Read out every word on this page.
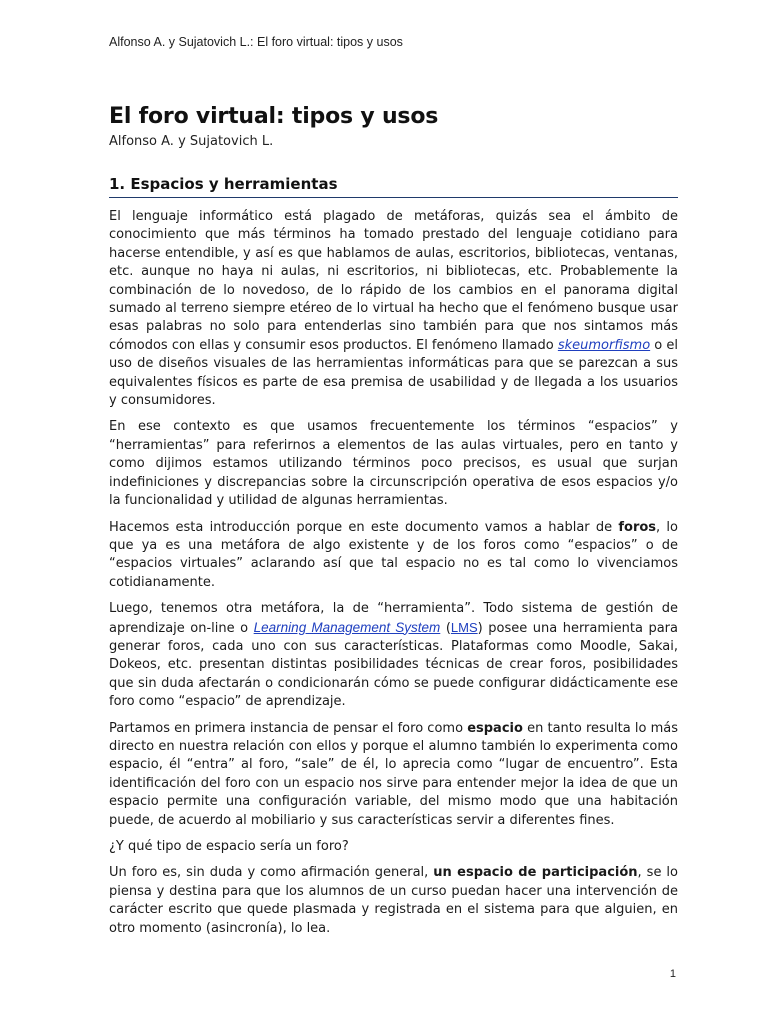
Alfonso A. y Sujatovich L.: El foro virtual: tipos y usos
El foro virtual: tipos y usos
Alfonso A. y Sujatovich L.
1. Espacios y herramientas

El lenguaje informático está plagado de metáforas, quizás sea el ámbito de conocimiento que más términos ha tomado prestado del lenguaje cotidiano para hacerse entendible, y así es que hablamos de aulas, escritorios, bibliotecas, ventanas, etc. aunque no haya ni aulas, ni escritorios, ni bibliotecas, etc. Probablemente la combinación de lo novedoso, de lo rápido de los cambios en el panorama digital sumado al terreno siempre etéreo de lo virtual ha hecho que el fenómeno busque usar esas palabras no solo para entenderlas sino también para que nos sintamos más cómodos con ellas y consumir esos productos. El fenómeno llamado skeumorfismo o el uso de diseños visuales de las herramientas informáticas para que se parezcan a sus equivalentes físicos es parte de esa premisa de usabilidad y de llegada a los usuarios y consumidores.

En ese contexto es que usamos frecuentemente los términos “espacios” y “herramientas” para referirnos a elementos de las aulas virtuales, pero en tanto y como dijimos estamos utilizando términos poco precisos, es usual que surjan indefiniciones y discrepancias sobre la circunscripción operativa de esos espacios y/o la funcionalidad y utilidad de algunas herramientas.

Hacemos esta introducción porque en este documento vamos a hablar de foros, lo que ya es una metáfora de algo existente y de los foros como “espacios” o de “espacios virtuales” aclarando así que tal espacio no es tal como lo vivenciamos cotidianamente.

Luego, tenemos otra metáfora, la de “herramienta”. Todo sistema de gestión de aprendizaje on-line o Learning Management System (LMS) posee una herramienta para generar foros, cada uno con sus características. Plataformas como Moodle, Sakai, Dokeos, etc. presentan distintas posibilidades técnicas de crear foros, posibilidades que sin duda afectarán o condicionarán cómo se puede configurar didácticamente ese foro como “espacio” de aprendizaje.

Partamos en primera instancia de pensar el foro como espacio en tanto resulta lo más directo en nuestra relación con ellos y porque el alumno también lo experimenta como espacio, él “entra” al foro, “sale” de él, lo aprecia como “lugar de encuentro”. Esta identificación del foro con un espacio nos sirve para entender mejor la idea de que un espacio permite una configuración variable, del mismo modo que una habitación puede, de acuerdo al mobiliario y sus características servir a diferentes fines.

¿Y qué tipo de espacio sería un foro?

Un foro es, sin duda y como afirmación general, un espacio de participación, se lo piensa y destina para que los alumnos de un curso puedan hacer una intervención de carácter escrito que quede plasmada y registrada en el sistema para que alguien, en otro momento (asincronía), lo lea.

1
